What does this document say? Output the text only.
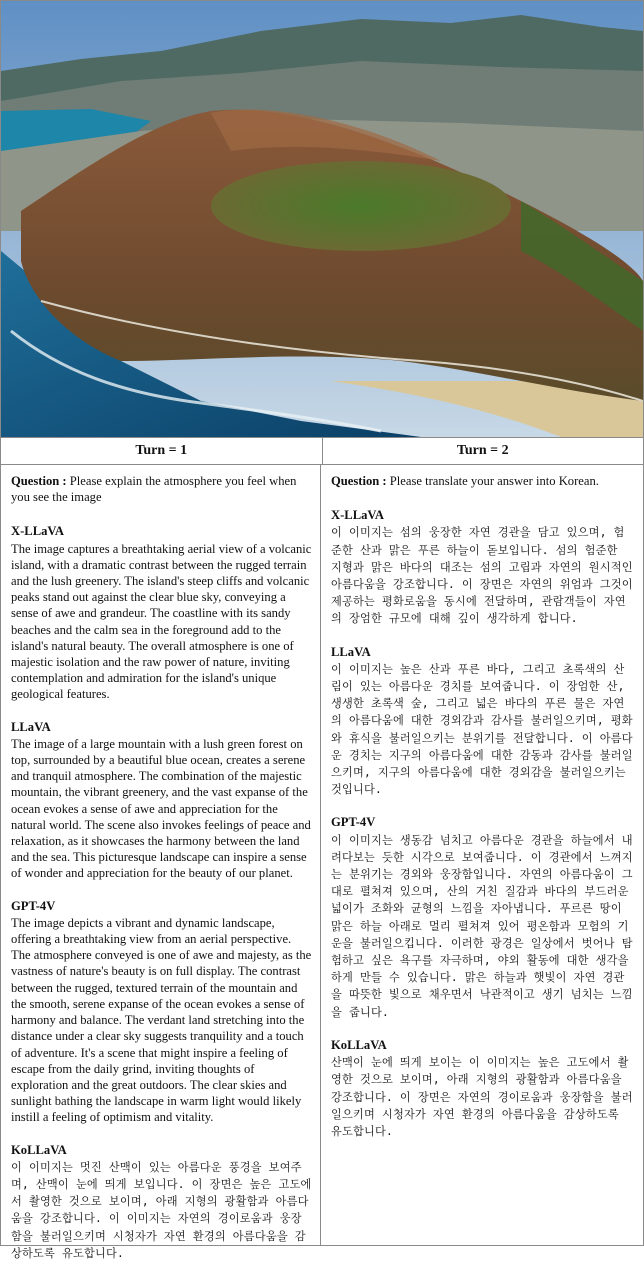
Turn = 1	Turn = 2

Question : Please explain the atmosphere you feel when you see the image

X-LLaVA
The image captures a breathtaking aerial view of a volcanic island, with a dramatic contrast between the rugged terrain and the lush greenery. The island's steep cliffs and volcanic peaks stand out against the clear blue sky, conveying a sense of awe and grandeur. The coastline with its sandy beaches and the calm sea in the foreground add to the island's natural beauty. The overall atmosphere is one of majestic isolation and the raw power of nature, inviting contemplation and admiration for the island's unique geological features.
LLaVA
The image of a large mountain with a lush green forest on top, surrounded by a beautiful blue ocean, creates a serene and tranquil atmosphere. The combination of the majestic mountain, the vibrant greenery, and the vast expanse of the ocean evokes a sense of awe and appreciation for the natural world. The scene also invokes feelings of peace and relaxation, as it showcases the harmony between the land and the sea. This picturesque landscape can inspire a sense of wonder and appreciation for the beauty of our planet.
GPT-4V
The image depicts a vibrant and dynamic landscape, offering a breathtaking view from an aerial perspective. The atmosphere conveyed is one of awe and majesty, as the vastness of nature's beauty is on full display. The contrast between the rugged, textured terrain of the mountain and the smooth, serene expanse of the ocean evokes a sense of harmony and balance. The verdant land stretching into the distance under a clear sky suggests tranquility and a touch of adventure. It's a scene that might inspire a feeling of escape from the daily grind, inviting thoughts of exploration and the great outdoors. The clear skies and sunlight bathing the landscape in warm light would likely instill a feeling of optimism and vitality.
KoLLaVA
이 이미지는 멋진 산맥이 있는 아름다운 풍경을 보여주며, 산맥이 눈에 띄게 보입니다. 이 장면은 높은 고도에서 촬영한 것으로 보이며, 아래 지형의 광활함과 아름다움을 강조합니다. 이 이미지는 자연의 경이로움과 웅장함을 불러일으키며 시청자가 자연 환경의 아름다움을 감상하도록 유도합니다.

Question : Please translate your answer into Korean.

X-LLaVA
이 이미지는 섬의 웅장한 자연 경관을 담고 있으며, 험준한 산과 맑은 푸른 하늘이 돋보입니다. 섬의 험준한 지형과 맑은 바다의 대조는 섬의 고립과 자연의 원시적인 아름다움을 강조합니다. 이 장면은 자연의 위엄과 그것이 제공하는 평화로움을 동시에 전달하며, 관람객들이 자연의 장엄한 규모에 대해 깊이 생각하게 합니다.
LLaVA
이 이미지는 높은 산과 푸른 바다, 그리고 초록색의 산림이 있는 아름다운 경치를 보여줍니다. 이 장엄한 산, 생생한 초록색 숲, 그리고 넓은 바다의 푸른 물은 자연의 아름다움에 대한 경외감과 감사를 불러일으키며, 평화와 휴식을 불러일으키는 분위기를 전달합니다. 이 아름다운 경치는 지구의 아름다움에 대한 감동과 감사를 불러일으키며, 지구의 아름다움에 대한 경외감을 불러일으키는 것입니다.
GPT-4V
이 이미지는 생동감 넘치고 아름다운 경관을 하늘에서 내려다보는 듯한 시각으로 보여줍니다. 이 경관에서 느껴지는 분위기는 경외와 웅장함입니다. 자연의 아름다움이 그대로 펼쳐져 있으며, 산의 거친 질감과 바다의 부드러운 넓이가 조화와 균형의 느낌을 자아냅니다. 푸르른 땅이 맑은 하늘 아래로 멀리 펼쳐져 있어 평온함과 모험의 기운을 불러일으킵니다. 이러한 광경은 일상에서 벗어나 탐험하고 싶은 욕구를 자극하며, 야외 활동에 대한 생각을 하게 만들 수 있습니다. 맑은 하늘과 햇빛이 자연 경관을 따뜻한 빛으로 채우면서 낙관적이고 생기 넘치는 느낌을 줍니다.
KoLLaVA
산맥이 눈에 띄게 보이는 이 이미지는 높은 고도에서 촬영한 것으로 보이며, 아래 지형의 광활함과 아름다움을 강조합니다. 이 장면은 자연의 경이로움과 웅장함을 불러일으키며 시청자가 자연 환경의 아름다움을 감상하도록 유도합니다.
